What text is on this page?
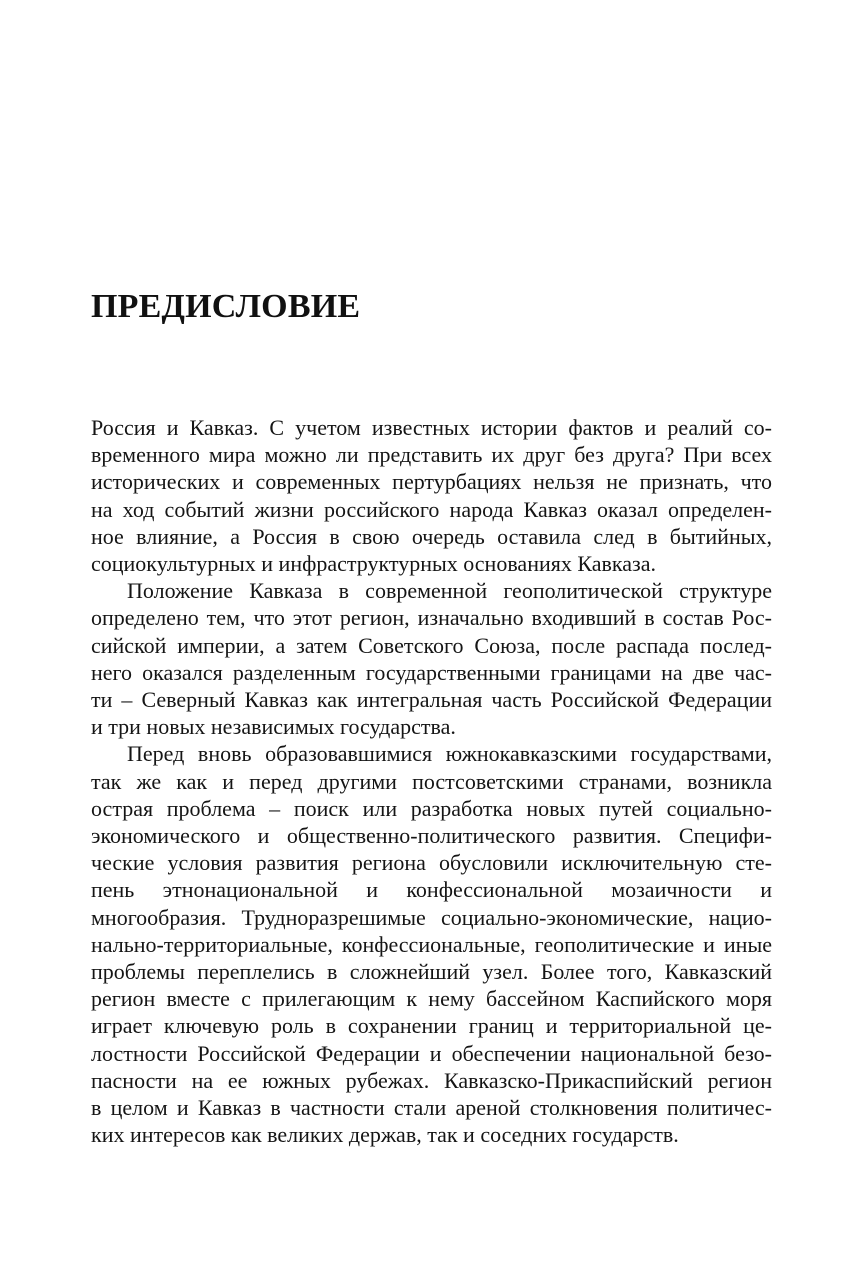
ПРЕДИСЛОВИЕ

Россия и Кавказ. С учетом известных истории фактов и реалий со-
временного мира можно ли представить их друг без друга? При всех
исторических и современных пертурбациях нельзя не признать, что
на ход событий жизни российского народа Кавказ оказал определен-
ное влияние, а Россия в свою очередь оставила след в бытийных,
социокультурных и инфраструктурных основаниях Кавказа.

Положение Кавказа в современной геополитической структуре
определено тем, что этот регион, изначально входивший в состав Рос-
сийской империи, а затем Советского Союза, после распада послед-
него оказался разделенным государственными границами на две час-
ти – Северный Кавказ как интегральная часть Российской Федерации
и три новых независимых государства.

Перед вновь образовавшимися южнокавказскими государствами,
так же как и перед другими постсоветскими странами, возникла
острая проблема – поиск или разработка новых путей социально-
экономического и общественно-политического развития. Специфи-
ческие условия развития региона обусловили исключительную сте-
пень этнонациональной и конфессиональной мозаичности и
многообразия. Трудноразрешимые социально-экономические, нацио-
нально-территориальные, конфессиональные, геополитические и иные
проблемы переплелись в сложнейший узел. Более того, Кавказский
регион вместе с прилегающим к нему бассейном Каспийского моря
играет ключевую роль в сохранении границ и территориальной це-
лостности Российской Федерации и обеспечении национальной безо-
пасности на ее южных рубежах. Кавказско-Прикаспийский регион
в целом и Кавказ в частности стали ареной столкновения политичес-
ких интересов как великих держав, так и соседних государств.
